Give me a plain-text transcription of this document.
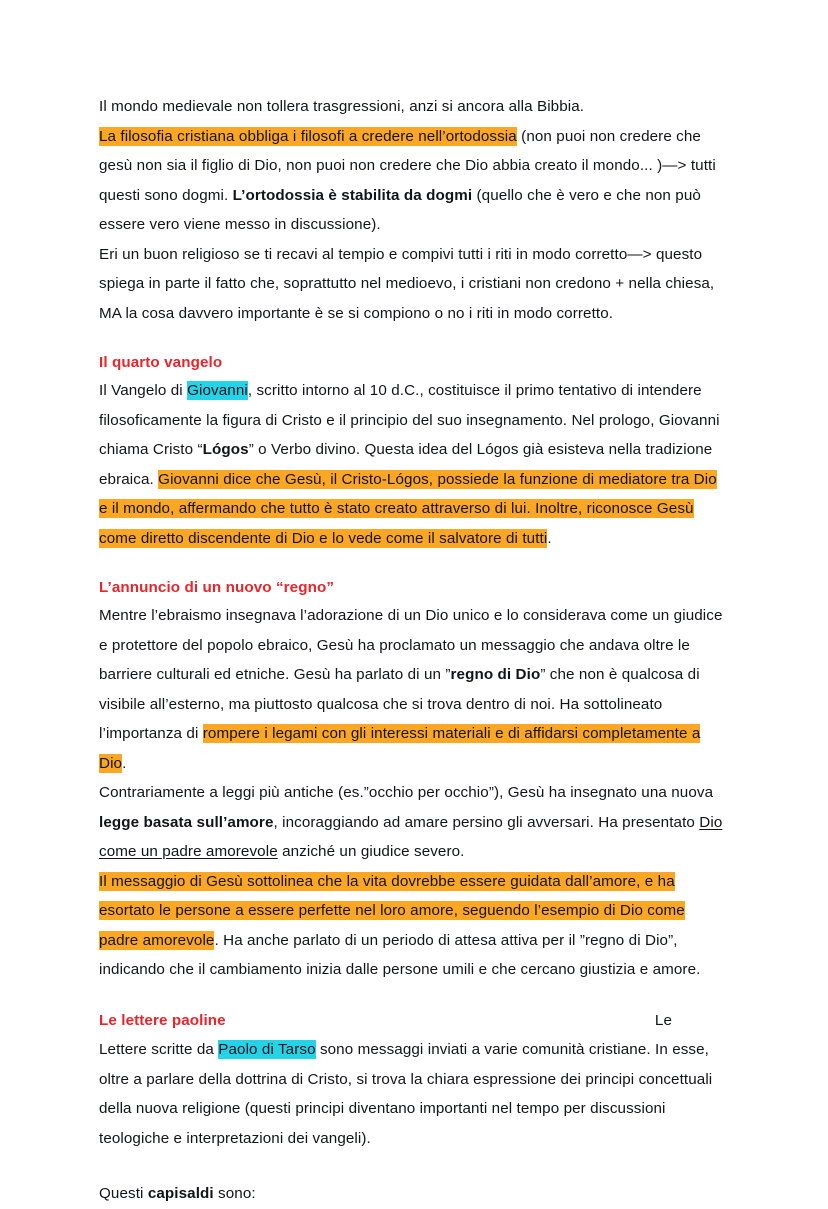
Il mondo medievale non tollera trasgressioni, anzi si ancora alla Bibbia.
La filosofia cristiana obbliga i filosofi a credere nell’ortodossia (non puoi non credere che gesù non sia il figlio di Dio, non puoi non credere che Dio abbia creato il mondo... )—> tutti questi sono dogmi. L’ortodossia è stabilita da dogmi (quello che è vero e che non può essere vero viene messo in discussione).
Eri un buon religioso se ti recavi al tempio e compivi tutti i riti in modo corretto—> questo spiega in parte il fatto che, soprattutto nel medioevo, i cristiani non credono + nella chiesa, MA la cosa davvero importante è se si compiono o no i riti in modo corretto.

Il quarto vangelo

Il Vangelo di Giovanni, scritto intorno al 10 d.C., costituisce il primo tentativo di intendere filosoficamente la figura di Cristo e il principio del suo insegnamento. Nel prologo, Giovanni chiama Cristo “Lógos” o Verbo divino. Questa idea del Lógos già esisteva nella tradizione ebraica. Giovanni dice che Gesù, il Cristo-Lógos, possiede la funzione di mediatore tra Dio e il mondo, affermando che tutto è stato creato attraverso di lui. Inoltre, riconosce Gesù come diretto discendente di Dio e lo vede come il salvatore di tutti.

L’annuncio di un nuovo “regno”

Mentre l’ebraismo insegnava l’adorazione di un Dio unico e lo considerava come un giudice e protettore del popolo ebraico, Gesù ha proclamato un messaggio che andava oltre le barriere culturali ed etniche. Gesù ha parlato di un ”regno di Dio” che non è qualcosa di visibile all’esterno, ma piuttosto qualcosa che si trova dentro di noi. Ha sottolineato l’importanza di rompere i legami con gli interessi materiali e di affidarsi completamente a Dio.

Contrariamente a leggi più antiche (es.”occhio per occhio”), Gesù ha insegnato una nuova legge basata sull’amore, incoraggiando ad amare persino gli avversari. Ha presentato Dio come un padre amorevole anziché un giudice severo.

Il messaggio di Gesù sottolinea che la vita dovrebbe essere guidata dall’amore, e ha esortato le persone a essere perfette nel loro amore, seguendo l’esempio di Dio come padre amorevole. Ha anche parlato di un periodo di attesa attiva per il ”regno di Dio”, indicando che il cambiamento inizia dalle persone umili e che cercano giustizia e amore.

Le lettere paoline	Le

Lettere scritte da Paolo di Tarso sono messaggi inviati a varie comunità cristiane. In esse, oltre a parlare della dottrina di Cristo, si trova la chiara espressione dei principi concettuali della nuova religione (questi principi diventano importanti nel tempo per discussioni teologiche e interpretazioni dei vangeli).

Questi capisaldi sono:
